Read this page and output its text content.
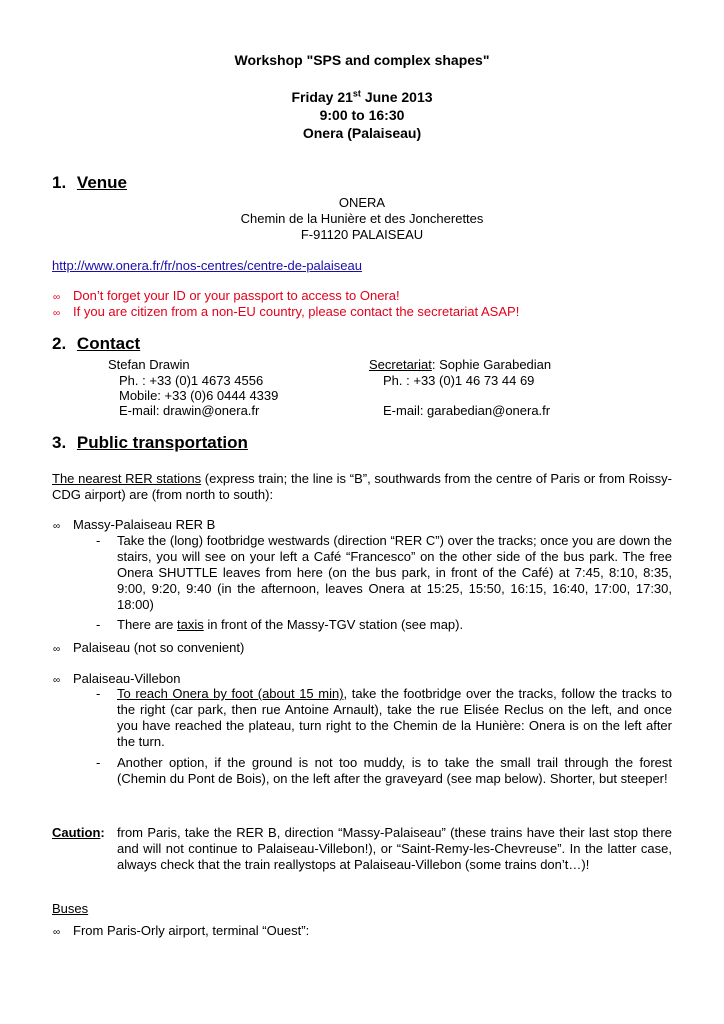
Workshop "SPS and complex shapes"
Friday 21st June 2013
9:00 to 16:30
Onera (Palaiseau)
1. Venue
ONERA
Chemin de la Hunière et des Joncherettes
F-91120 PALAISEAU
http://www.onera.fr/fr/nos-centres/centre-de-palaiseau
∞ Don’t forget your ID or your passport to access to Onera!
∞ If you are citizen from a non-EU country, please contact the secretariat ASAP!
2. Contact
Stefan Drawin
Ph. : +33 (0)1 4673 4556
Mobile: +33 (0)6 0444 4339
E-mail: drawin@onera.fr
Secretariat: Sophie Garabedian
Ph. : +33 (0)1 46 73 44 69
E-mail: garabedian@onera.fr
3. Public transportation
The nearest RER stations (express train; the line is “B”, southwards from the centre of Paris or from Roissy-CDG airport) are (from north to south):
∞ Massy-Palaiseau RER B
- Take the (long) footbridge westwards (direction “RER C”) over the tracks; once you are down the stairs, you will see on your left a Café “Francesco” on the other side of the bus park. The free Onera SHUTTLE leaves from here (on the bus park, in front of the Café) at 7:45, 8:10, 8:35, 9:00, 9:20, 9:40 (in the afternoon, leaves Onera at 15:25, 15:50, 16:15, 16:40, 17:00, 17:30, 18:00)
- There are taxis in front of the Massy-TGV station (see map).
∞ Palaiseau (not so convenient)
∞ Palaiseau-Villebon
- To reach Onera by foot (about 15 min), take the footbridge over the tracks, follow the tracks to the right (car park, then rue Antoine Arnault), take the rue Elisée Reclus on the left, and once you have reached the plateau, turn right to the Chemin de la Hunière: Onera is on the left after the turn.
- Another option, if the ground is not too muddy, is to take the small trail through the forest (Chemin du Pont de Bois), on the left after the graveyard (see map below). Shorter, but steeper!
Caution: from Paris, take the RER B, direction “Massy-Palaiseau” (these trains have their last stop there and will not continue to Palaiseau-Villebon!), or “Saint-Remy-les-Chevreuse”. In the latter case, always check that the train reallystops at Palaiseau-Villebon (some trains don’t…)!
Buses
∞ From Paris-Orly airport, terminal “Ouest”:
